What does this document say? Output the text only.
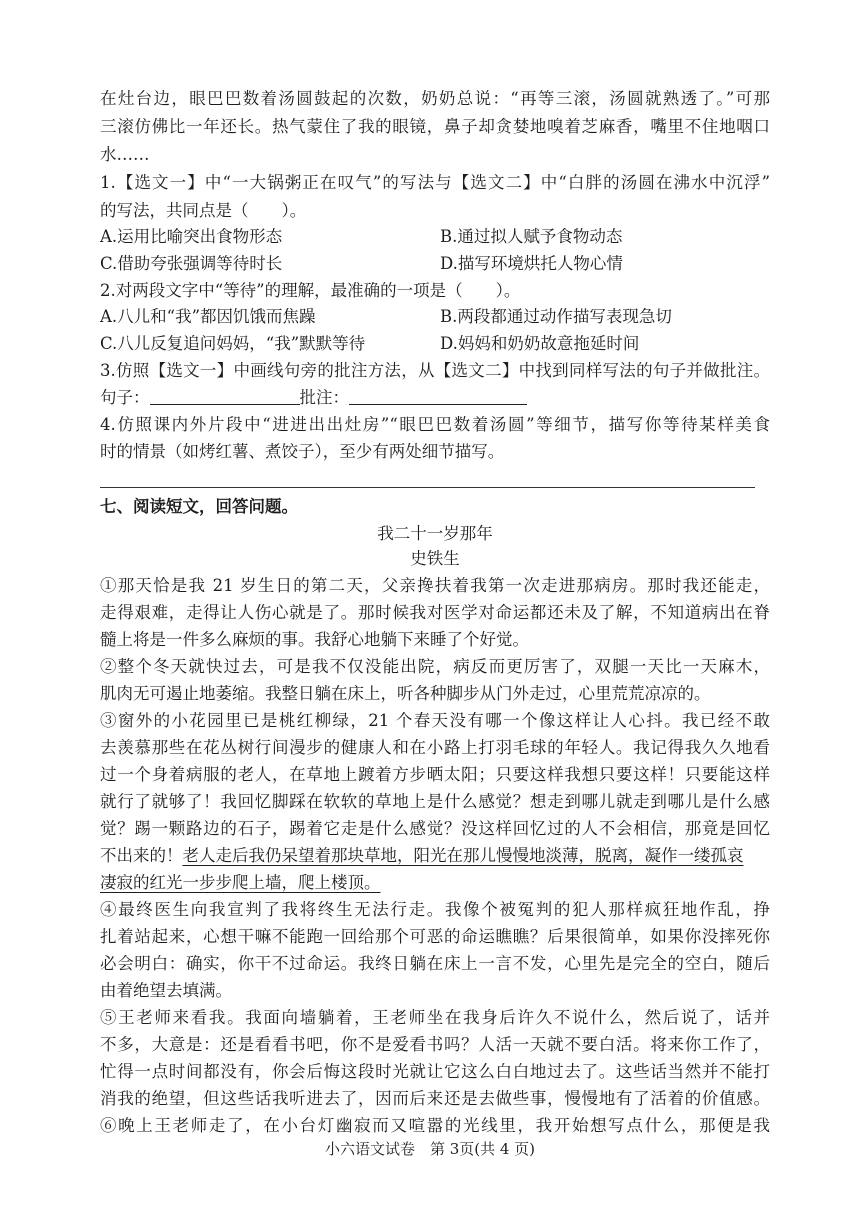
在灶台边，眼巴巴数着汤圆鼓起的次数，奶奶总说：“再等三滚，汤圆就熟透了。”可那
三滚仿佛比一年还长。热气蒙住了我的眼镜，鼻子却贪婪地嗅着芝麻香，嘴里不住地咽口
水……
1.【选文一】中“一大锅粥正在叹气”的写法与【选文二】中“白胖的汤圆在沸水中沉浮”
的写法，共同点是（　　）。
A.运用比喻突出食物形态	B.通过拟人赋予食物动态
C.借助夸张强调等待时长	D.描写环境烘托人物心情
2.对两段文字中“等待”的理解，最准确的一项是（　　）。
A.八儿和“我”都因饥饿而焦躁	B.两段都通过动作描写表现急切
C.八儿反复追问妈妈，“我”默默等待	D.妈妈和奶奶故意拖延时间
3.仿照【选文一】中画线句旁的批注方法，从【选文二】中找到同样写法的句子并做批注。
句子：	批注：
4.仿照课内外片段中“进进出出灶房”“眼巴巴数着汤圆”等细节，描写你等待某样美食
时的情景（如烤红薯、煮饺子），至少有两处细节描写。
七、阅读短文，回答问题。
我二十一岁那年
史铁生
①那天恰是我 21 岁生日的第二天，父亲搀扶着我第一次走进那病房。那时我还能走，
走得艰难，走得让人伤心就是了。那时候我对医学对命运都还未及了解，不知道病出在脊
髓上将是一件多么麻烦的事。我舒心地躺下来睡了个好觉。
②整个冬天就快过去，可是我不仅没能出院，病反而更厉害了，双腿一天比一天麻木，
肌肉无可遏止地萎缩。我整日躺在床上，听各种脚步从门外走过，心里荒荒凉凉的。
③窗外的小花园里已是桃红柳绿，21 个春天没有哪一个像这样让人心抖。我已经不敢
去羡慕那些在花丛树行间漫步的健康人和在小路上打羽毛球的年轻人。我记得我久久地看
过一个身着病服的老人，在草地上踱着方步晒太阳；只要这样我想只要这样！只要能这样
就行了就够了！我回忆脚踩在软软的草地上是什么感觉？想走到哪儿就走到哪儿是什么感
觉？踢一颗路边的石子，踢着它走是什么感觉？没这样回忆过的人不会相信，那竟是回忆
不出来的！老人走后我仍呆望着那块草地，阳光在那儿慢慢地淡薄，脱离，凝作一缕孤哀
凄寂的红光一步步爬上墙，爬上楼顶。
④最终医生向我宣判了我将终生无法行走。我像个被冤判的犯人那样疯狂地作乱，挣
扎着站起来，心想干嘛不能跑一回给那个可恶的命运瞧瞧？后果很简单，如果你没摔死你
必会明白：确实，你干不过命运。我终日躺在床上一言不发，心里先是完全的空白，随后
由着绝望去填满。
⑤王老师来看我。我面向墙躺着，王老师坐在我身后许久不说什么，然后说了，话并
不多，大意是：还是看看书吧，你不是爱看书吗？人活一天就不要白活。将来你工作了，
忙得一点时间都没有，你会后悔这段时光就让它这么白白地过去了。这些话当然并不能打
消我的绝望，但这些话我听进去了，因而后来还是去做些事，慢慢地有了活着的价值感。
⑥晚上王老师走了，在小台灯幽寂而又喧嚣的光线里，我开始想写点什么，那便是我
小六语文试卷　第 3页(共 4 页)
